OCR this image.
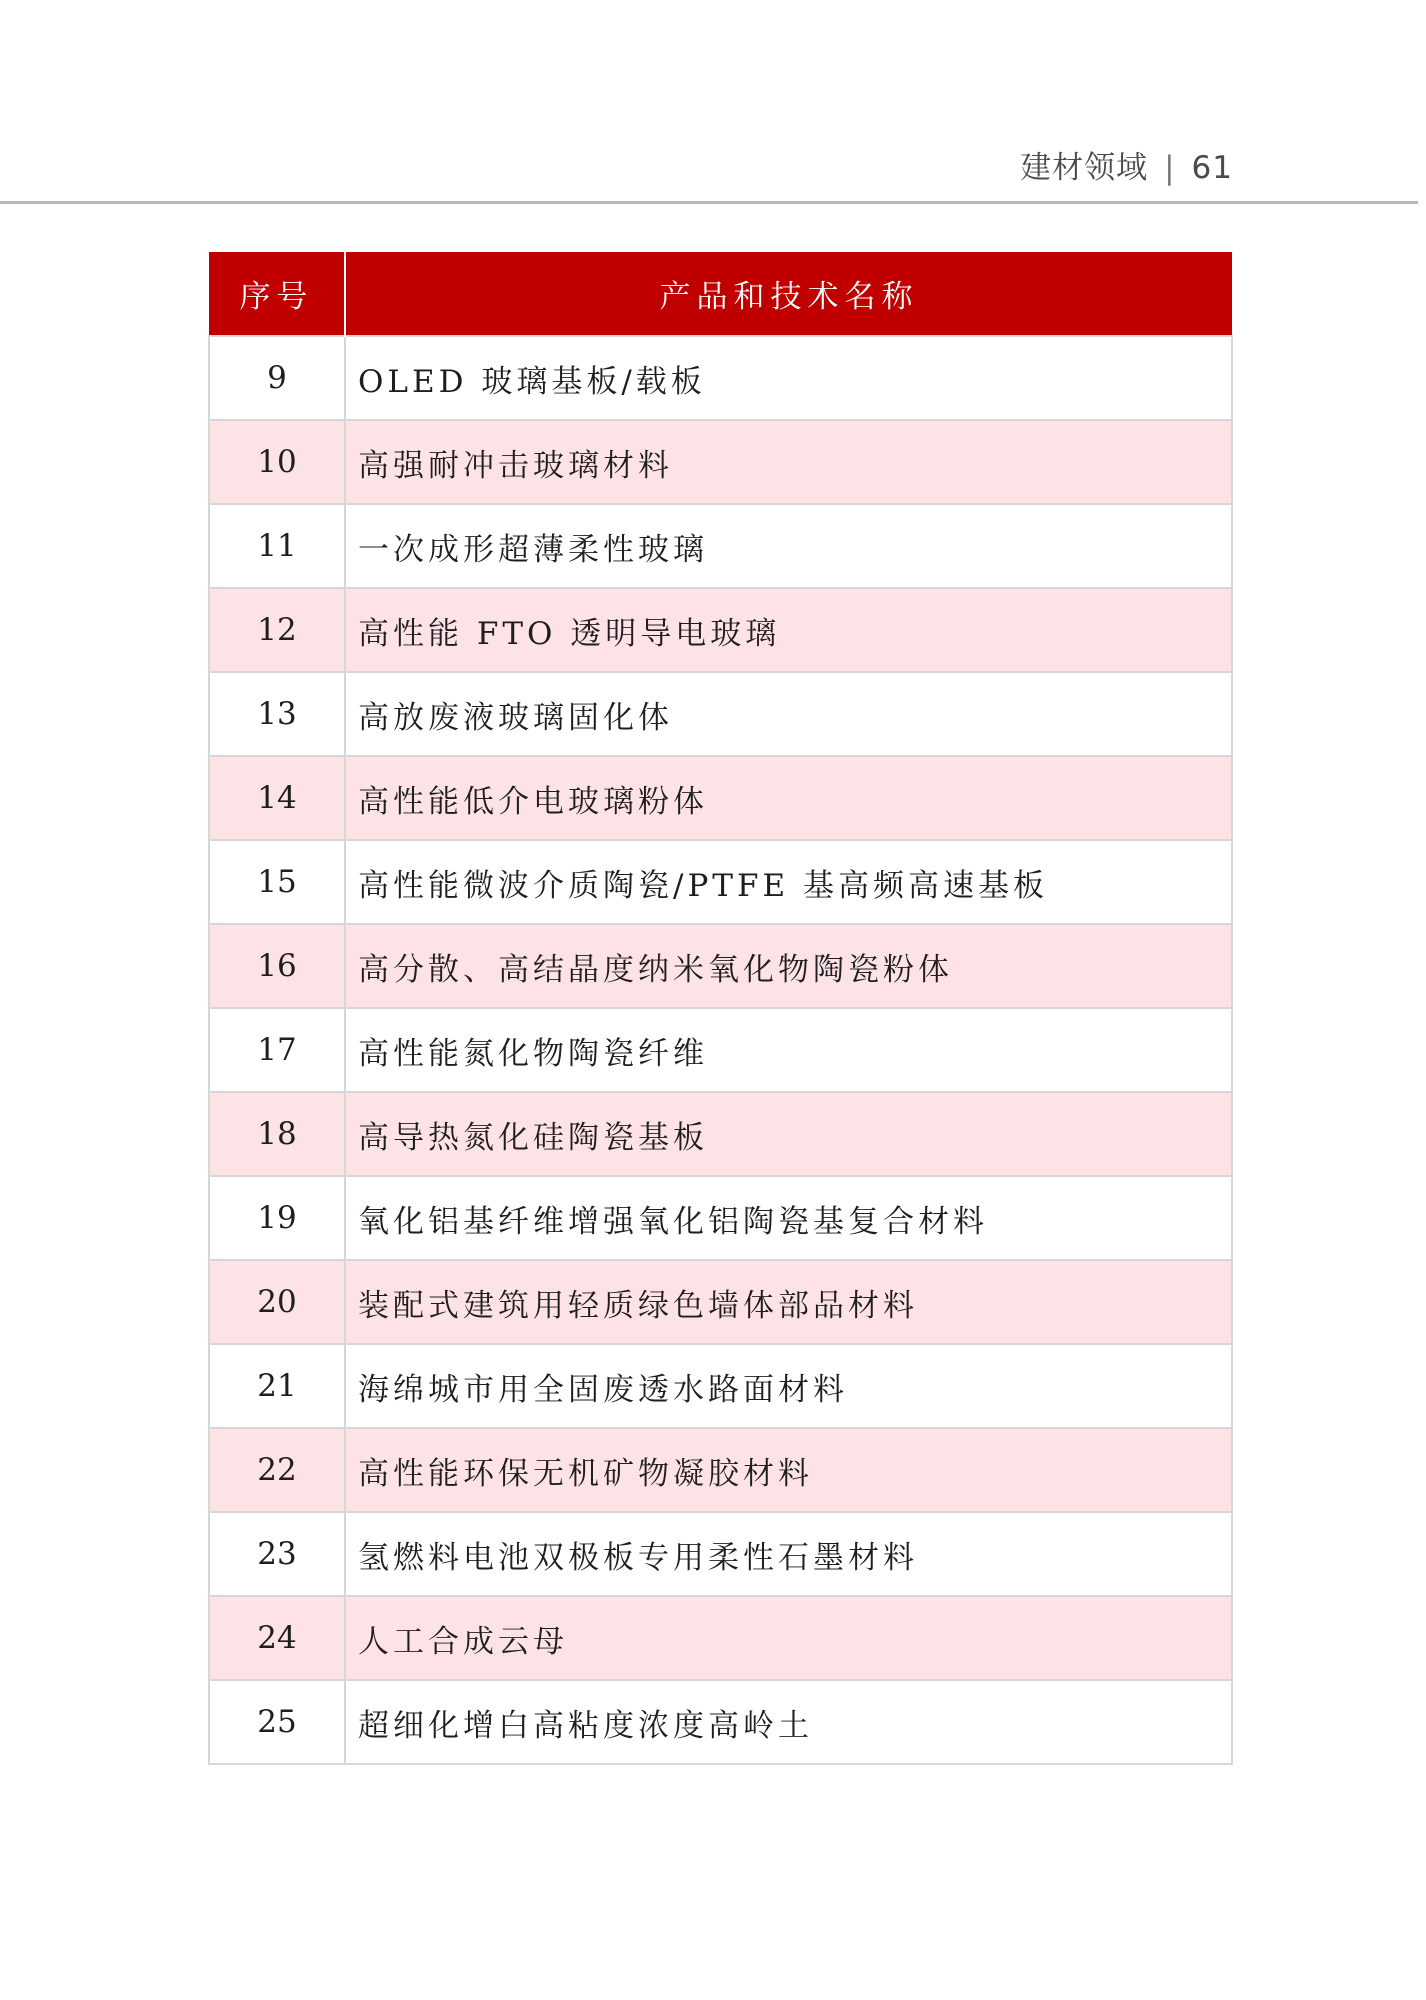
建材领域 | 61
序号	产品和技术名称
9	OLED 玻璃基板/载板
10	高强耐冲击玻璃材料
11	一次成形超薄柔性玻璃
12	高性能 FTO 透明导电玻璃
13	高放废液玻璃固化体
14	高性能低介电玻璃粉体
15	高性能微波介质陶瓷/PTFE 基高频高速基板
16	高分散、高结晶度纳米氧化物陶瓷粉体
17	高性能氮化物陶瓷纤维
18	高导热氮化硅陶瓷基板
19	氧化铝基纤维增强氧化铝陶瓷基复合材料
20	装配式建筑用轻质绿色墙体部品材料
21	海绵城市用全固废透水路面材料
22	高性能环保无机矿物凝胶材料
23	氢燃料电池双极板专用柔性石墨材料
24	人工合成云母
25	超细化增白高粘度浓度高岭土
